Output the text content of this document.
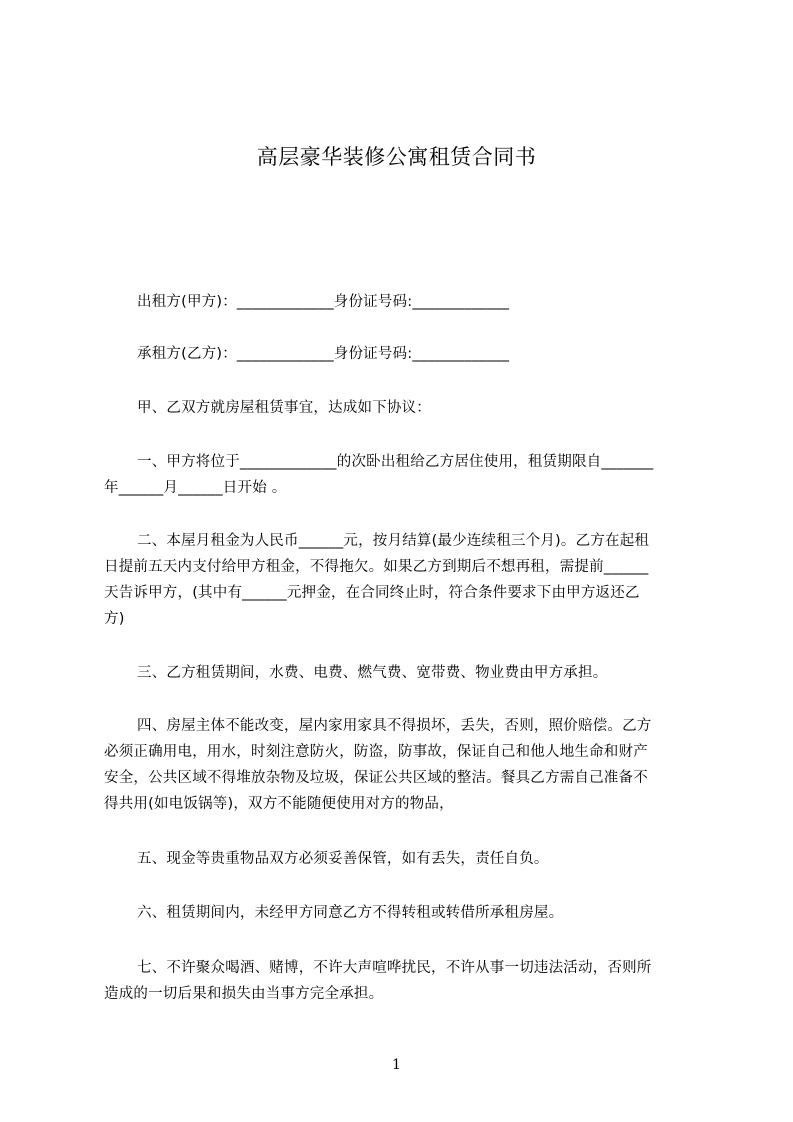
高层豪华装修公寓租赁合同书
出租方(甲方)：_____________身份证号码:_____________
承租方(乙方)：_____________身份证号码:_____________
甲、乙双方就房屋租赁事宜，达成如下协议：
一、甲方将位于_____________的次卧出租给乙方居住使用，租赁期限自_______
年______月______日开始 。
二、本屋月租金为人民币______元，按月结算(最少连续租三个月)。乙方在起租
日提前五天内支付给甲方租金，不得拖欠。如果乙方到期后不想再租，需提前______
天告诉甲方，(其中有______元押金，在合同终止时，符合条件要求下由甲方返还乙
方)
三、乙方租赁期间，水费、电费、燃气费、宽带费、物业费由甲方承担。
四、房屋主体不能改变，屋内家用家具不得损坏，丢失，否则，照价赔偿。乙方
必须正确用电，用水，时刻注意防火，防盗，防事故，保证自己和他人地生命和财产
安全，公共区域不得堆放杂物及垃圾，保证公共区域的整洁。餐具乙方需自己准备不
得共用(如电饭锅等)，双方不能随便使用对方的物品，
五、现金等贵重物品双方必须妥善保管，如有丢失，责任自负。
六、租赁期间内，未经甲方同意乙方不得转租或转借所承租房屋。
七、不许聚众喝酒、赌博，不许大声喧哗扰民，不许从事一切违法活动，否则所
造成的一切后果和损失由当事方完全承担。
1
